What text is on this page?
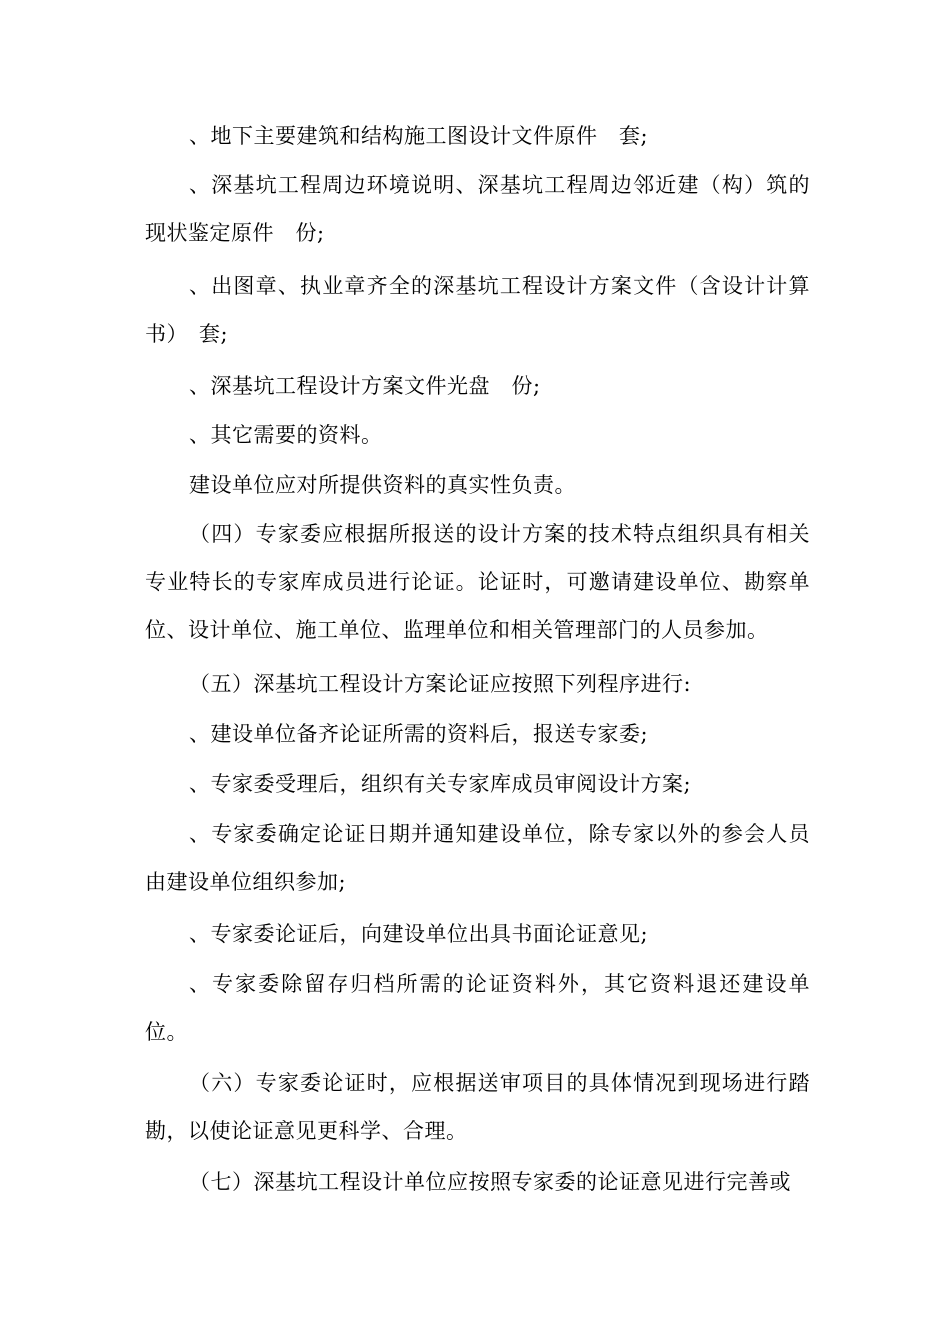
、地下主要建筑和结构施工图设计文件原件　套;

、深基坑工程周边环境说明、深基坑工程周边邻近建（构）筑的现状鉴定原件　份;

、出图章、执业章齐全的深基坑工程设计方案文件（含设计计算书）　套;

、深基坑工程设计方案文件光盘　份;

、其它需要的资料。

建设单位应对所提供资料的真实性负责。

（四）专家委应根据所报送的设计方案的技术特点组织具有相关专业特长的专家库成员进行论证。论证时，可邀请建设单位、勘察单位、设计单位、施工单位、监理单位和相关管理部门的人员参加。

（五）深基坑工程设计方案论证应按照下列程序进行:

、建设单位备齐论证所需的资料后，报送专家委;

、专家委受理后，组织有关专家库成员审阅设计方案;

、专家委确定论证日期并通知建设单位，除专家以外的参会人员由建设单位组织参加;

、专家委论证后，向建设单位出具书面论证意见;

、专家委除留存归档所需的论证资料外，其它资料退还建设单位。

（六）专家委论证时，应根据送审项目的具体情况到现场进行踏勘，以使论证意见更科学、合理。

（七）深基坑工程设计单位应按照专家委的论证意见进行完善或
